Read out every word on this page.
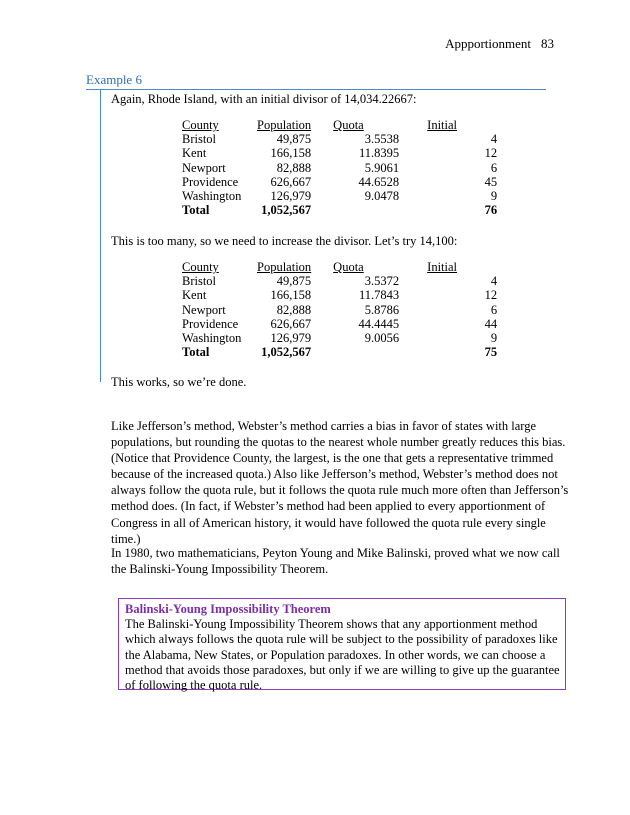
Appportionment 83
Example 6
Again, Rhode Island, with an initial divisor of 14,034.22667:
County	Population	Quota	Initial
Bristol	49,875	3.5538	4
Kent	166,158	11.8395	12
Newport	82,888	5.9061	6
Providence	626,667	44.6528	45
Washington	126,979	9.0478	9
Total	1,052,567		76
This is too many, so we need to increase the divisor. Let’s try 14,100:
County	Population	Quota	Initial
Bristol	49,875	3.5372	4
Kent	166,158	11.7843	12
Newport	82,888	5.8786	6
Providence	626,667	44.4445	44
Washington	126,979	9.0056	9
Total	1,052,567		75
This works, so we’re done.
Like Jefferson’s method, Webster’s method carries a bias in favor of states with large populations, but rounding the quotas to the nearest whole number greatly reduces this bias. (Notice that Providence County, the largest, is the one that gets a representative trimmed because of the increased quota.) Also like Jefferson’s method, Webster’s method does not always follow the quota rule, but it follows the quota rule much more often than Jefferson’s method does. (In fact, if Webster’s method had been applied to every apportionment of Congress in all of American history, it would have followed the quota rule every single time.)
In 1980, two mathematicians, Peyton Young and Mike Balinski, proved what we now call the Balinski-Young Impossibility Theorem.
Balinski-Young Impossibility Theorem
The Balinski-Young Impossibility Theorem shows that any apportionment method which always follows the quota rule will be subject to the possibility of paradoxes like the Alabama, New States, or Population paradoxes. In other words, we can choose a method that avoids those paradoxes, but only if we are willing to give up the guarantee of following the quota rule.
